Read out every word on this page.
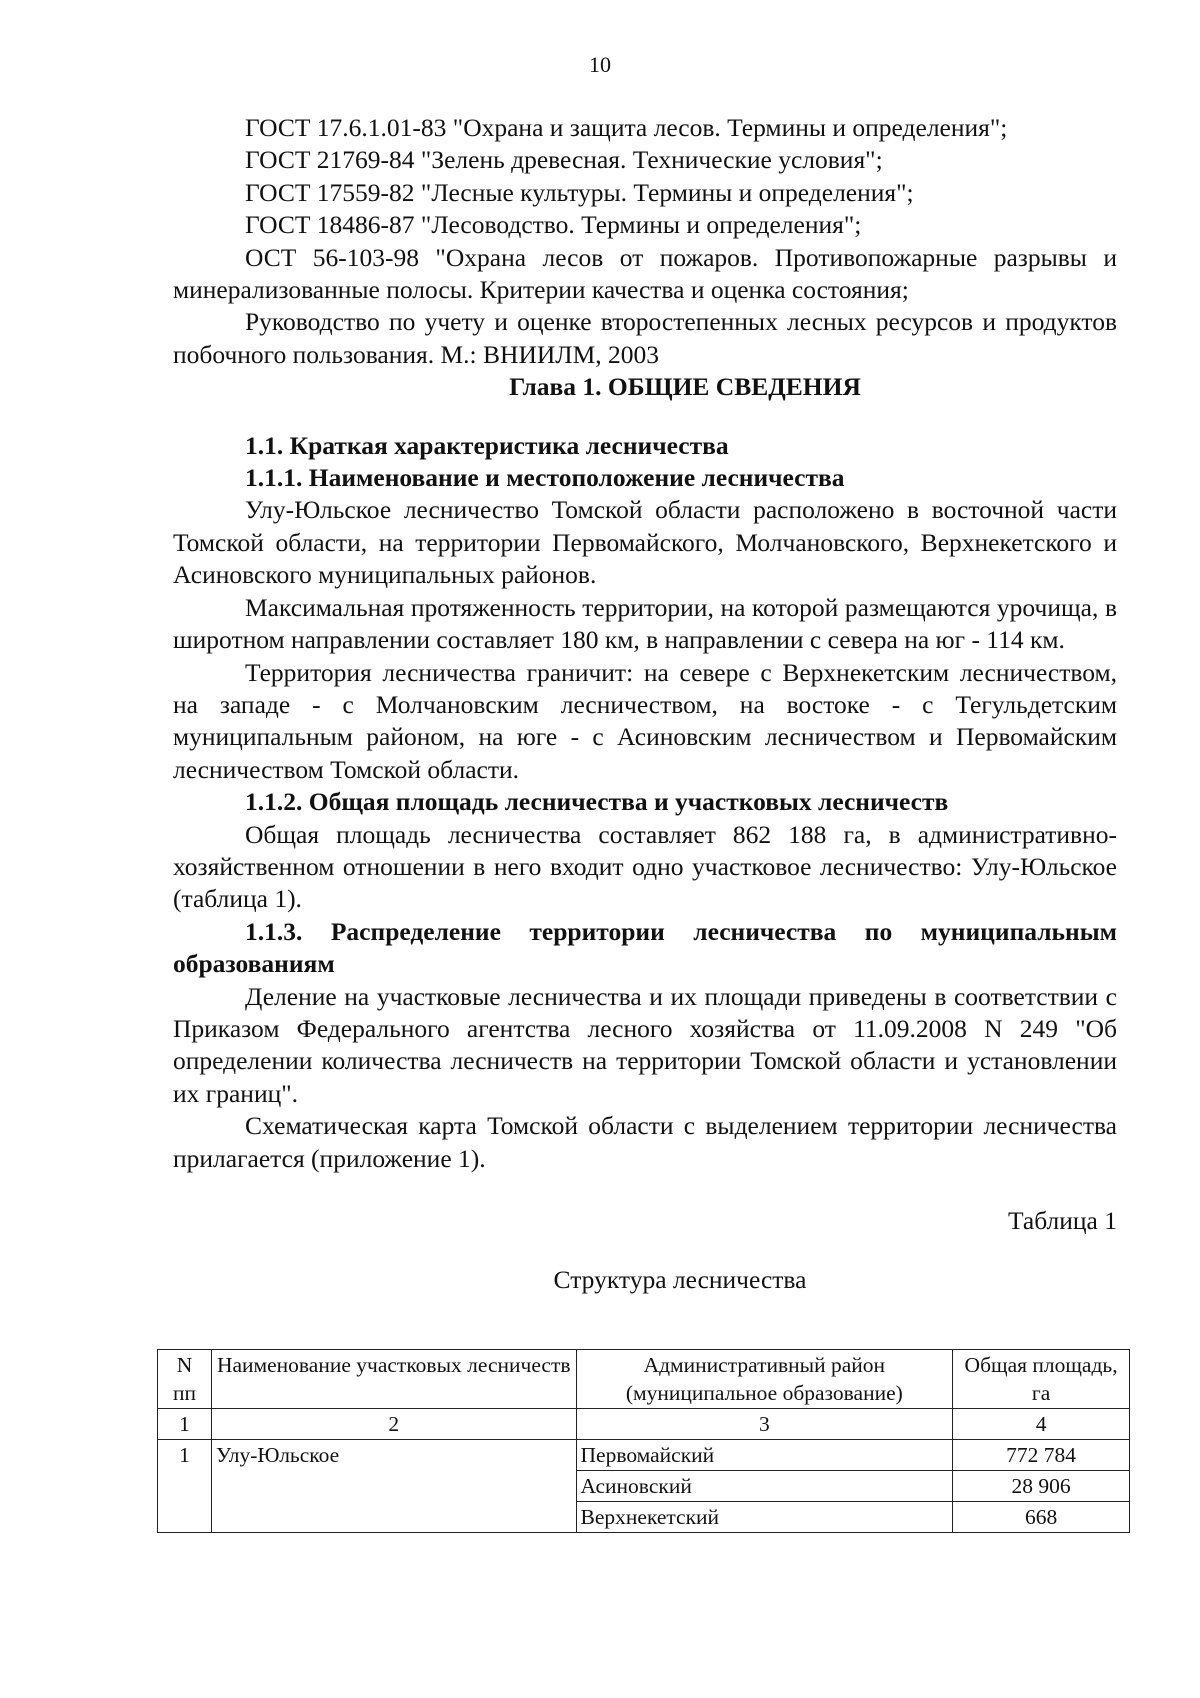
10

ГОСТ 17.6.1.01-83 "Охрана и защита лесов. Термины и определения";

ГОСТ 21769-84 "Зелень древесная. Технические условия";

ГОСТ 17559-82 "Лесные культуры. Термины и определения";

ГОСТ 18486-87 "Лесоводство. Термины и определения";

ОСТ 56-103-98 "Охрана лесов от пожаров. Противопожарные разрывы и минерализованные полосы. Критерии качества и оценка состояния;

Руководство по учету и оценке второстепенных лесных ресурсов и продуктов побочного пользования. М.: ВНИИЛМ, 2003

Глава 1. ОБЩИЕ СВЕДЕНИЯ

1.1. Краткая характеристика лесничества

1.1.1. Наименование и местоположение лесничества

Улу-Юльское лесничество Томской области расположено в восточной части Томской области, на территории Первомайского, Молчановского, Верхнекетского и Асиновского муниципальных районов.

Максимальная протяженность территории, на которой размещаются урочища, в широтном направлении составляет 180 км, в направлении с севера на юг - 114 км.

Территория лесничества граничит: на севере с Верхнекетским лесничеством, на западе - с Молчановским лесничеством, на востоке - с Тегульдетским муниципальным районом, на юге - с Асиновским лесничеством и Первомайским лесничеством Томской области.

1.1.2. Общая площадь лесничества и участковых лесничеств

Общая площадь лесничества составляет 862 188 га, в административно-хозяйственном отношении в него входит одно участковое лесничество: Улу-Юльское (таблица 1).

1.1.3. Распределение территории лесничества по муниципальным образованиям

Деление на участковые лесничества и их площади приведены в соответствии с Приказом Федерального агентства лесного хозяйства от 11.09.2008 N 249 "Об определении количества лесничеств на территории Томской области и установлении их границ".

Схематическая карта Томской области с выделением территории лесничества прилагается (приложение 1).

Таблица 1

Структура лесничества

N
пп	Наименование участковых лесничеств	Административный район (муниципальное образование)	Общая площадь, га
1	2	3	4
1	Улу-Юльское	Первомайский	772 784
		Асиновский	28 906
		Верхнекетский	668
